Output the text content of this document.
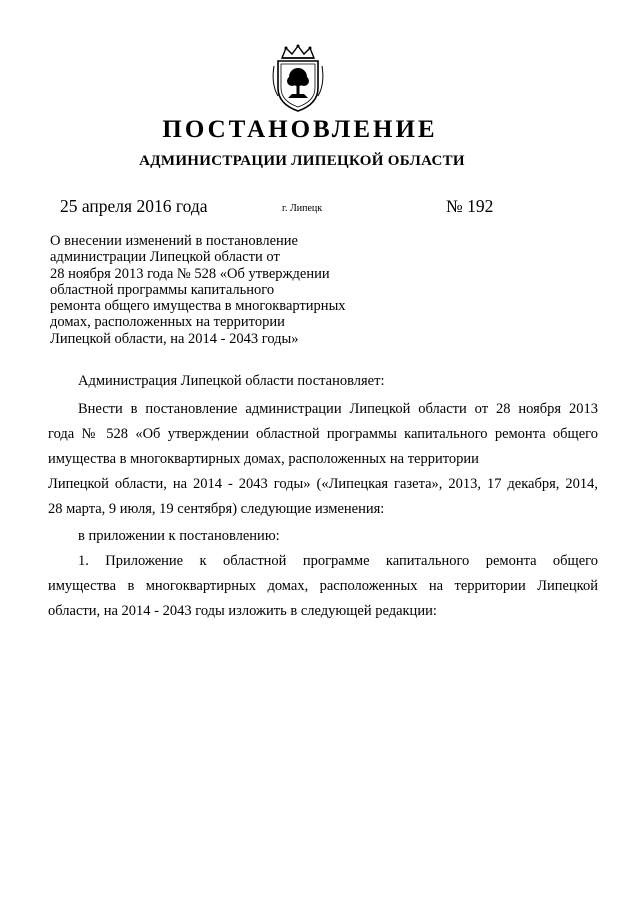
ПОСТАНОВЛЕНИЕ
АДМИНИСТРАЦИИ ЛИПЕЦКОЙ ОБЛАСТИ
25 апреля 2016 года	г. Липецк	№ 192
О внесении изменений в постановление
администрации Липецкой области от
28 ноября 2013 года № 528 «Об утверждении
областной программы капитального
ремонта общего имущества в многоквартирных
домах, расположенных на территории
Липецкой области, на 2014 - 2043 годы»
Администрация Липецкой области постановляет:
Внести в постановление администрации Липецкой области от 28 ноября 2013
года № 528 «Об утверждении областной программы капитального ремонта общего
имущества в многоквартирных домах, расположенных на территории
Липецкой области, на 2014 - 2043 годы» («Липецкая газета», 2013, 17 декабря, 2014,
28 марта, 9 июля, 19 сентября) следующие изменения:
в приложении к постановлению:
1. Приложение к областной программе капитального ремонта общего
имущества в многоквартирных домах, расположенных на территории Липецкой
области, на 2014 - 2043 годы изложить в следующей редакции:
